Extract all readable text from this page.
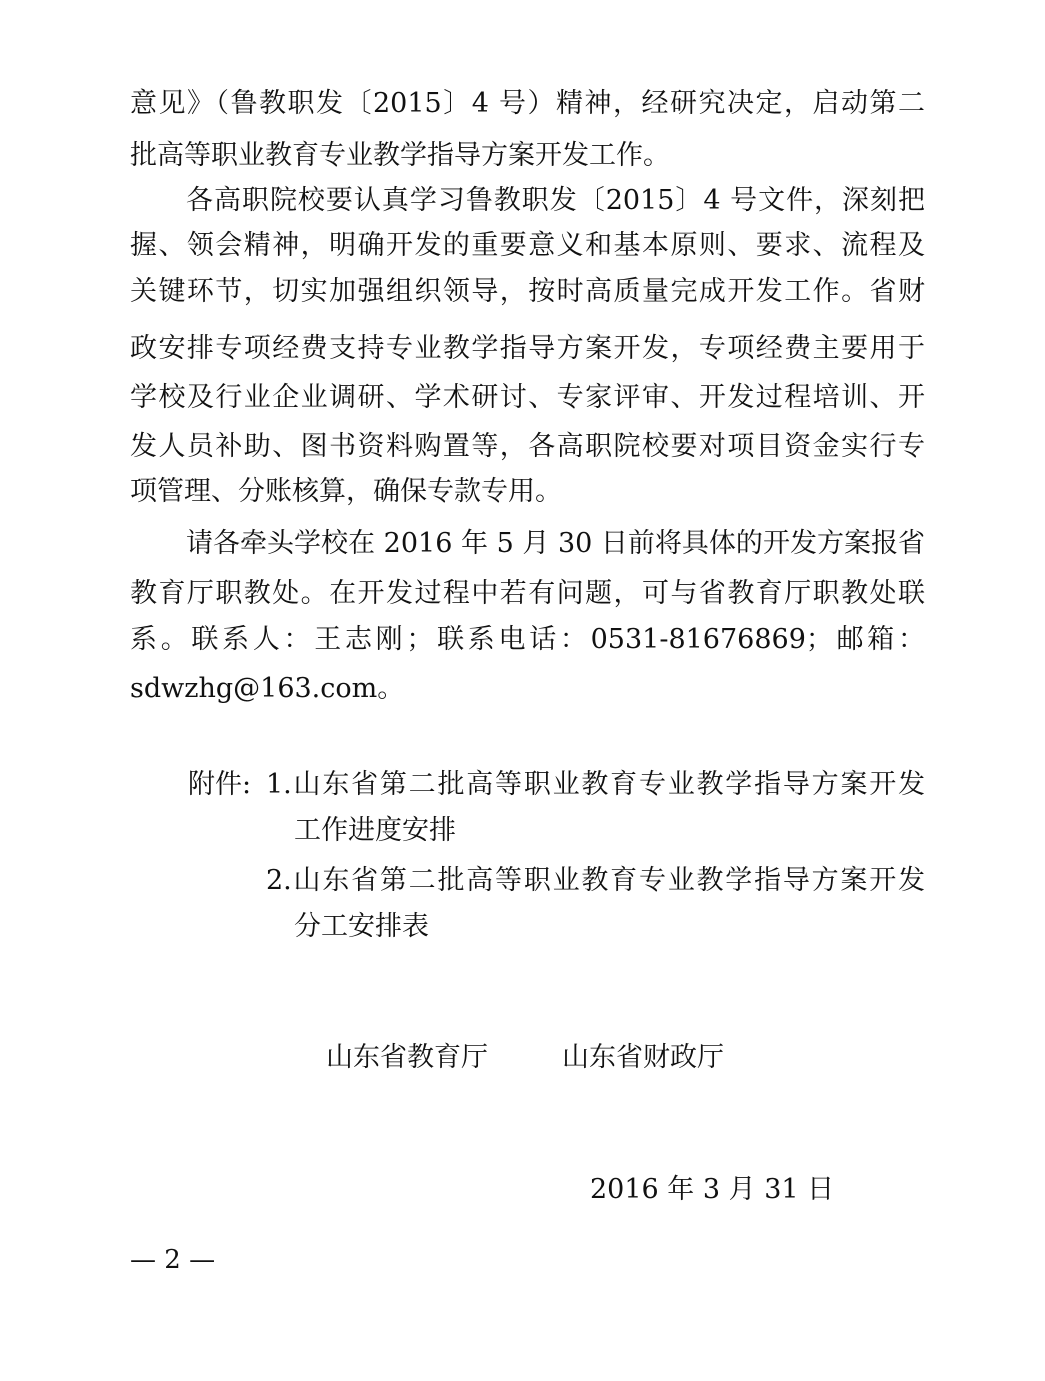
意见》（鲁教职发〔2015〕4 号）精神，经研究决定，启动第二
批高等职业教育专业教学指导方案开发工作。
各高职院校要认真学习鲁教职发〔2015〕4 号文件，深刻把
握、领会精神，明确开发的重要意义和基本原则、要求、流程及
关键环节，切实加强组织领导，按时高质量完成开发工作。省财
政安排专项经费支持专业教学指导方案开发，专项经费主要用于
学校及行业企业调研、学术研讨、专家评审、开发过程培训、开
发人员补助、图书资料购置等，各高职院校要对项目资金实行专
项管理、分账核算，确保专款专用。
请各牵头学校在 2016 年 5 月 30 日前将具体的开发方案报省
教育厅职教处。在开发过程中若有问题，可与省教育厅职教处联
系。联系人：王志刚；联系电话：0531-81676869；邮箱：
sdwzhg@163.com。
附件: 1.山东省第二批高等职业教育专业教学指导方案开发
工作进度安排
2.山东省第二批高等职业教育专业教学指导方案开发
分工安排表
山东省教育厅	山东省财政厅
2016 年 3 月 31 日
— 2 —
